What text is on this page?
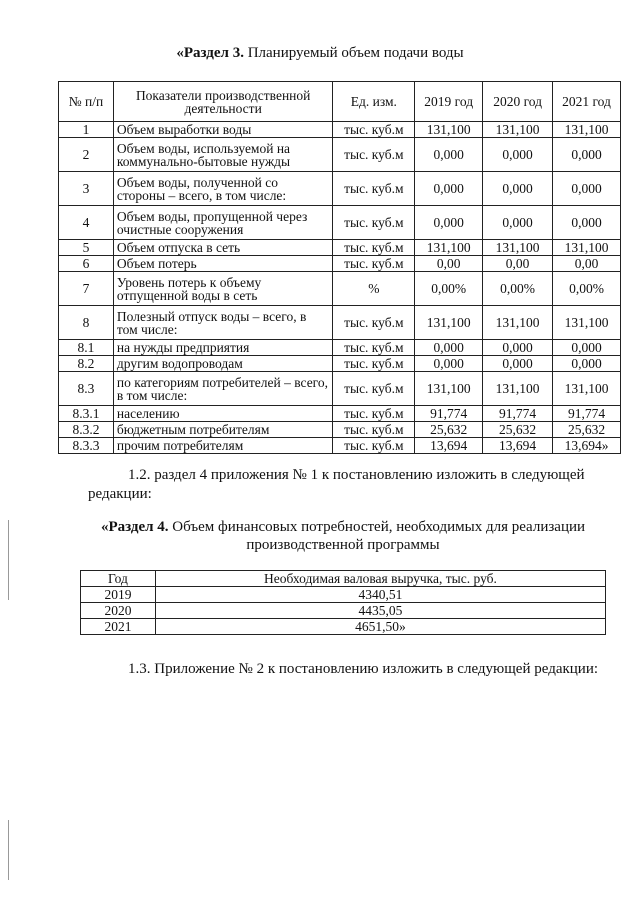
«Раздел 3. Планируемый объем подачи воды
№ п/п	Показатели производственной деятельности	Ед. изм.	2019 год	2020 год	2021 год
1	Объем выработки воды	тыс. куб.м	131,100	131,100	131,100
2	Объем воды, используемой на коммунально-бытовые нужды	тыс. куб.м	0,000	0,000	0,000
3	Объем воды, полученной со стороны – всего, в том числе:	тыс. куб.м	0,000	0,000	0,000
4	Объем воды, пропущенной через очистные сооружения	тыс. куб.м	0,000	0,000	0,000
5	Объем отпуска в сеть	тыс. куб.м	131,100	131,100	131,100
6	Объем потерь	тыс. куб.м	0,00	0,00	0,00
7	Уровень потерь к объему отпущенной воды в сеть	%	0,00%	0,00%	0,00%
8	Полезный отпуск воды – всего, в том числе:	тыс. куб.м	131,100	131,100	131,100
8.1	на нужды предприятия	тыс. куб.м	0,000	0,000	0,000
8.2	другим водопроводам	тыс. куб.м	0,000	0,000	0,000
8.3	по категориям потребителей – всего, в том числе:	тыс. куб.м	131,100	131,100	131,100
8.3.1	населению	тыс. куб.м	91,774	91,774	91,774
8.3.2	бюджетным потребителям	тыс. куб.м	25,632	25,632	25,632
8.3.3	прочим потребителям	тыс. куб.м	13,694	13,694	13,694»
1.2. раздел 4 приложения № 1 к постановлению изложить в следующей редакции:
«Раздел 4. Объем финансовых потребностей, необходимых для реализации производственной программы
Год	Необходимая валовая выручка, тыс. руб.
2019	4340,51
2020	4435,05
2021	4651,50»
1.3. Приложение № 2 к постановлению изложить в следующей редакции:
